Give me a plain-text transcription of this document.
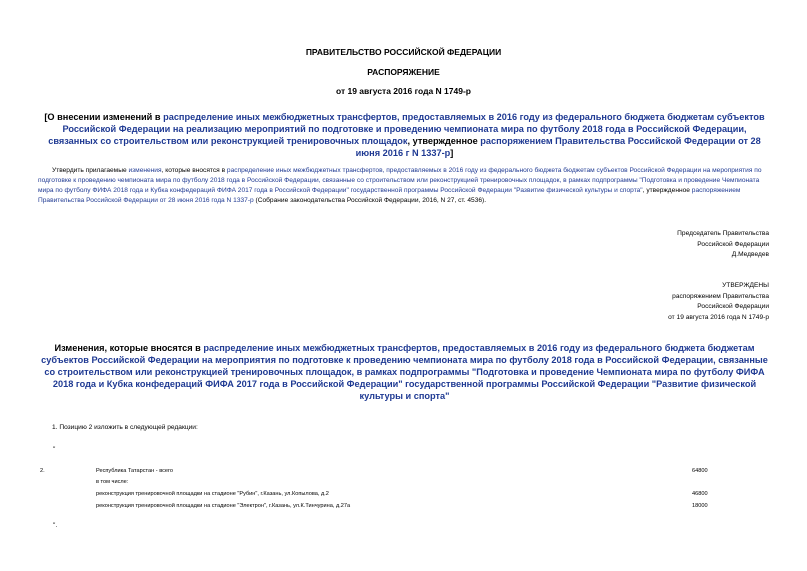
ПРАВИТЕЛЬСТВО РОССИЙСКОЙ ФЕДЕРАЦИИ
РАСПОРЯЖЕНИЕ
от 19 августа 2016 года N 1749-р
[О внесении изменений в распределение иных межбюджетных трансфертов, предоставляемых в 2016 году из федерального бюджета бюджетам субъектов Российской Федерации на реализацию мероприятий по подготовке и проведению чемпионата мира по футболу 2018 года в Российской Федерации, связанных со строительством или реконструкцией тренировочных площадок, утвержденное распоряжением Правительства Российской Федерации от 28 июня 2016 г N 1337-р]
Утвердить прилагаемые изменения, которые вносятся в распределение иных межбюджетных трансфертов, предоставляемых в 2016 году из федерального бюджета бюджетам субъектов Российской Федерации на мероприятия по подготовке к проведению чемпионата мира по футболу 2018 года в Российской Федерации, связанные со строительством или реконструкцией тренировочных площадок, в рамках подпрограммы "Подготовка и проведение Чемпионата мира по футболу ФИФА 2018 года и Кубка конфедераций ФИФА 2017 года в Российской Федерации" государственной программы Российской Федерации "Развитие физической культуры и спорта", утвержденное распоряжением Правительства Российской Федерации от 28 июня 2016 года N 1337-р (Собрание законодательства Российской Федерации, 2016, N 27, ст. 4536).
Председатель Правительства
Российской Федерации
Д.Медведев
УТВЕРЖДЕНЫ
распоряжением Правительства
Российской Федерации
от 19 августа 2016 года N 1749-р
Изменения, которые вносятся в распределение иных межбюджетных трансфертов, предоставляемых в 2016 году из федерального бюджета бюджетам субъектов Российской Федерации на мероприятия по подготовке к проведению чемпионата мира по футболу 2018 года в Российской Федерации, связанные со строительством или реконструкцией тренировочных площадок, в рамках подпрограммы "Подготовка и проведение Чемпионата мира по футболу ФИФА 2018 года и Кубка конфедераций ФИФА 2017 года в Российской Федерации" государственной программы Российской Федерации "Развитие физической культуры и спорта"
1. Позицию 2 изложить в следующей редакции:
"
2.	Республика Татарстан - всего	64800
в том числе:
реконструкция тренировочной площадки на стадионе "Рубин", г.Казань, ул.Копылова, д.2	46800
реконструкция тренировочной площадки на стадионе "Электрон", г.Казань, ул.К.Тинчурина, д.27а	18000
".
